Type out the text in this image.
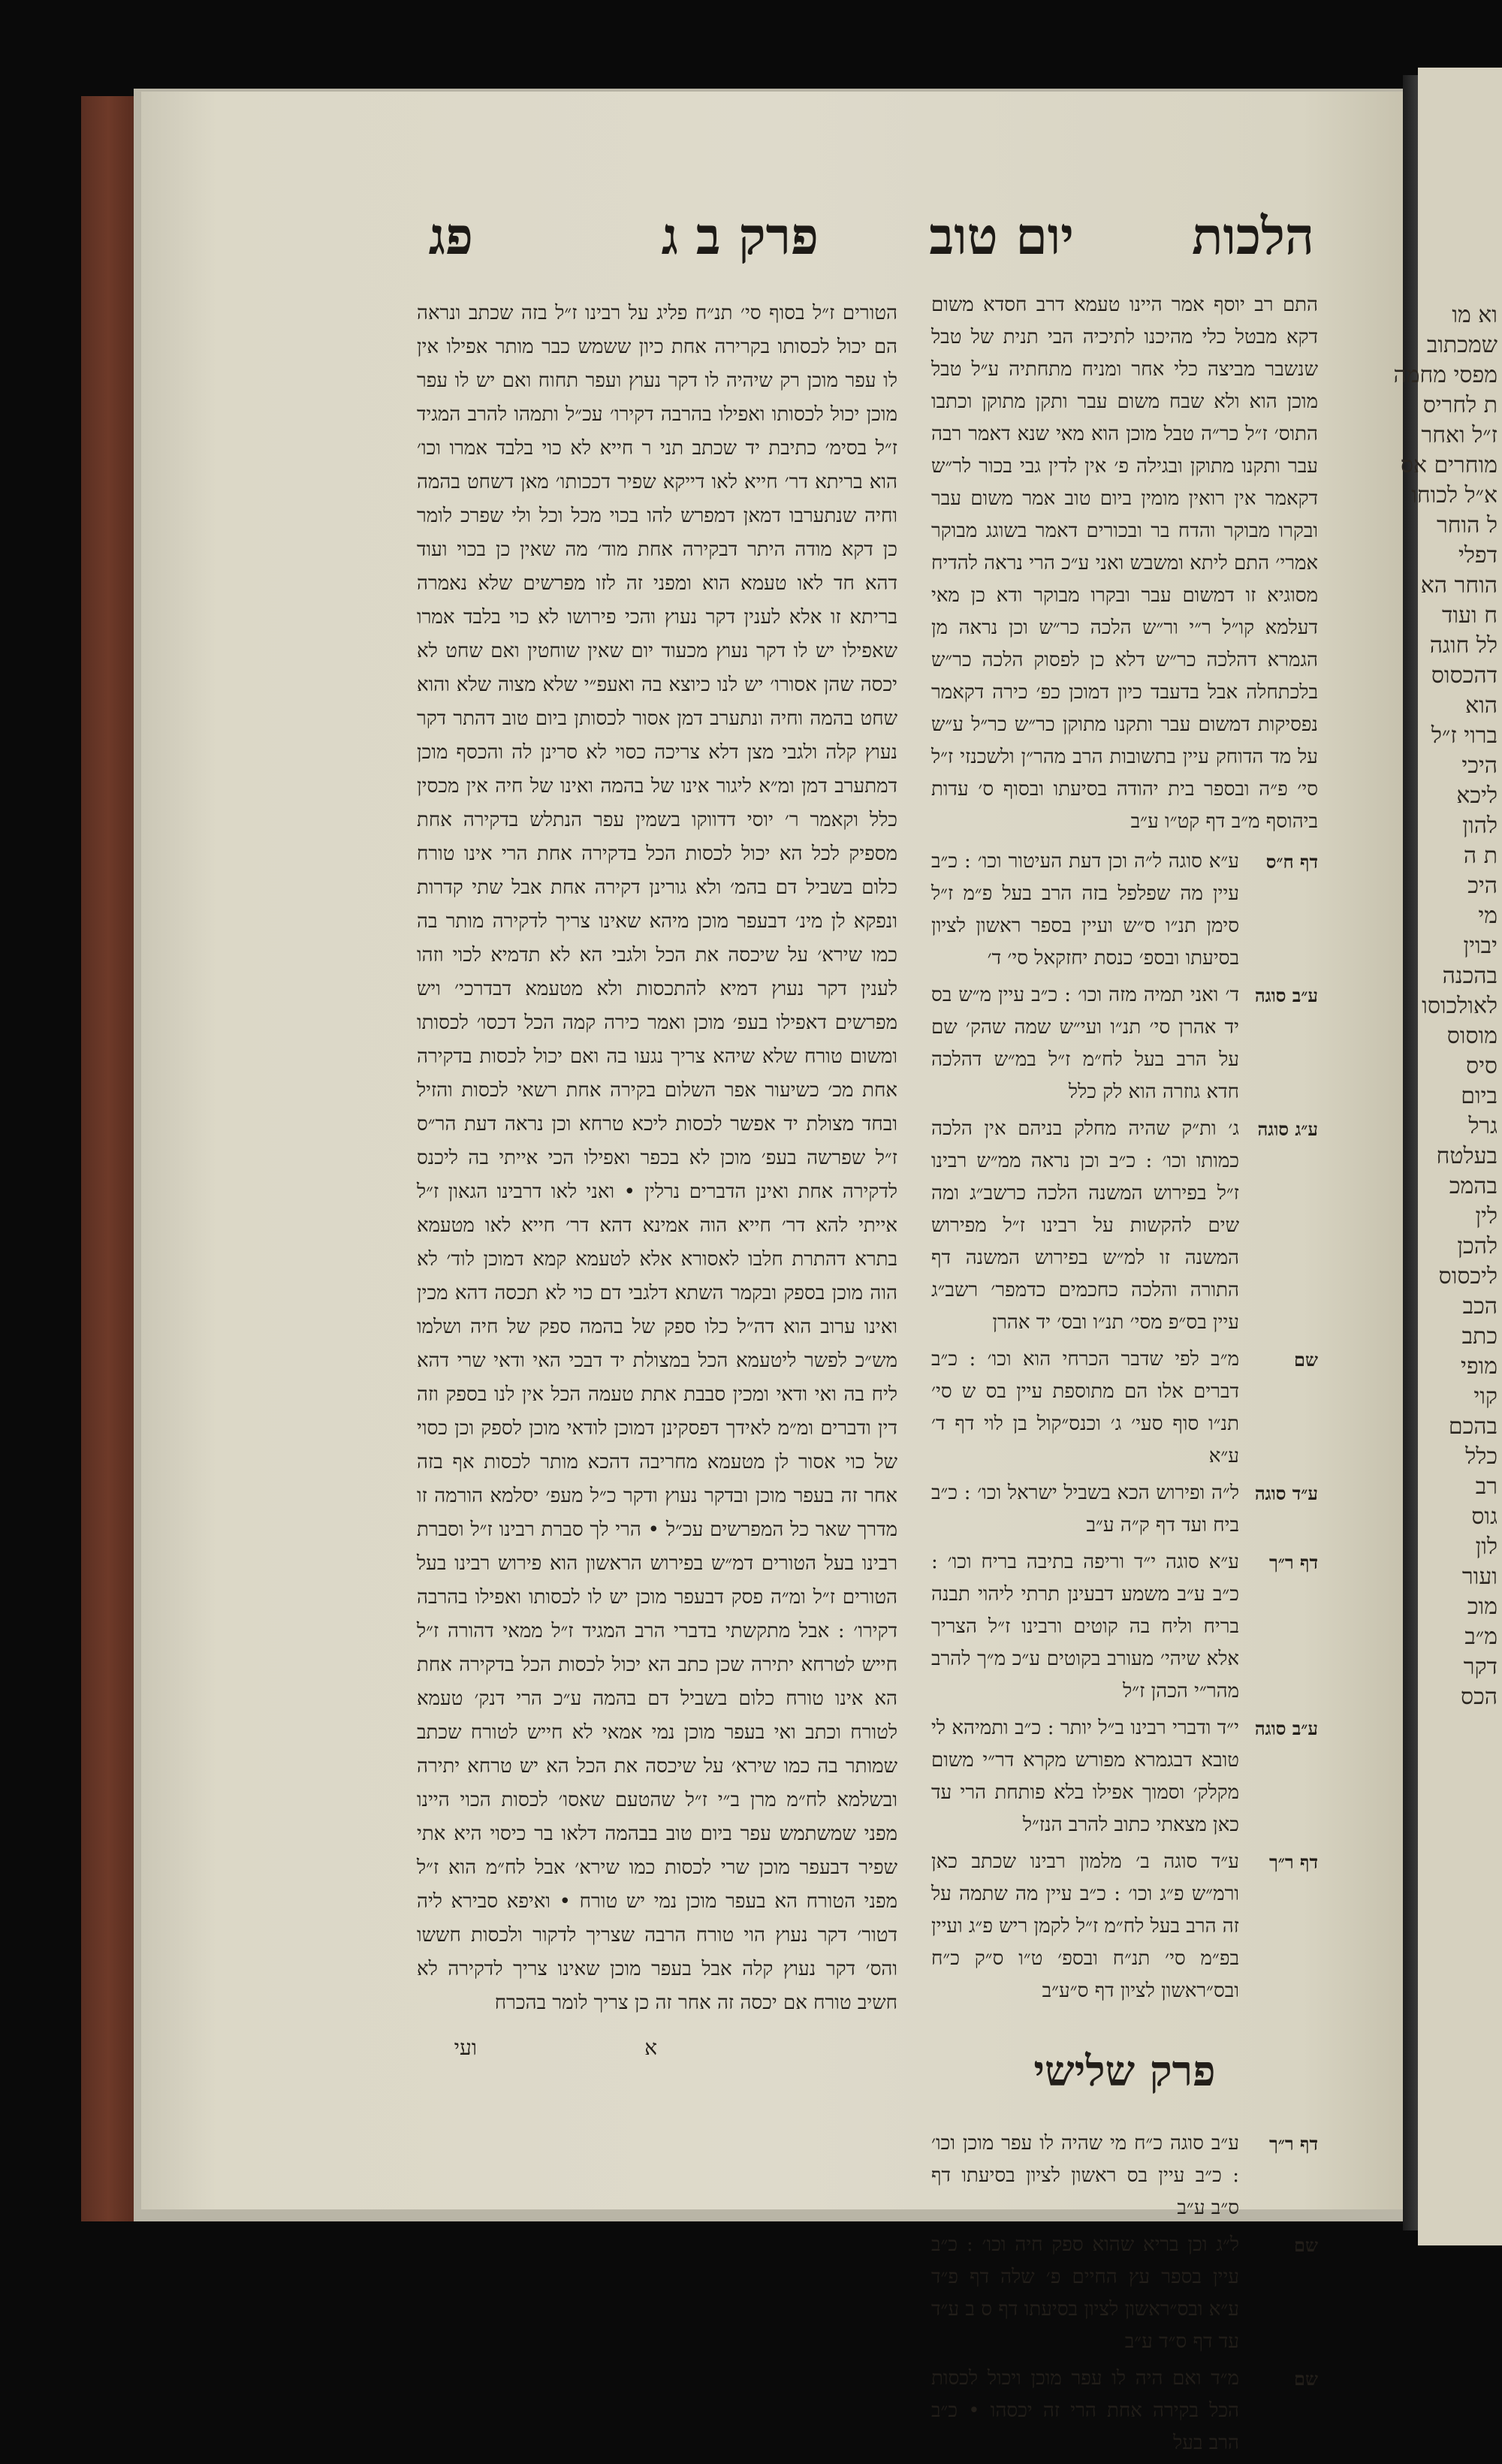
וא מו
שמכתוב
מפסי מחמה
ת לחריס
ז״ל ואחר
מוחרים אס
א״ל לכוחו
ל הוחר
דפלי
הוחר הא
ח ועוד
לל חוגה
דהכסוס
הוא
ברוי ז״ל
היכי
ליכא
להון
ת ה
היכ
מי
יבוין
בהכנה
לאולכוסו
מוסוס
סיס
ביום
גרל
בעלטח
בהמכ
לין
להכן
ליכסוס
הכב
כתב
מופי
קוי
בהכם
כלל
רב
גוס
לון
ועור
מוכ
מ״ב
דקר
הכס
הלכות
יום טוב
פרק ב ג
פג

התם רב יוסף אמר היינו טעמא דרב חסדא משום דקא מבטל כלי מהיכנו לתיכיה הבי תנית של טבל שנשבר מביצה כלי אחר ומניח מתחתיה ע״ל טבל מוכן הוא ולא שבח משום עבר ותקן מתוקן וכתבו התוס׳ ז״ל כר״ה טבל מוכן הוא מאי שנא דאמר רבה עבר ותקנו מתוקן ובגילה פ׳ אין לדין גבי בכור לר״ש דקאמר אין רואין מומין ביום טוב אמר משום עבר ובקרו מבוקר והדח בר ובכורים דאמר בשוגג מבוקר אמרי׳ התם ליתא ומשבש ואני ע״כ הרי נראה להדיח מסוגיא זו דמשום עבר ובקרו מבוקר ודא כן מאי דעלמא קו״ל ר״י ור״ש הלכה כר״ש וכן נראה מן הגמרא דהלכה כר״ש דלא כן לפסוק הלכה כר״ש בלכתחלה אבל בדעבד כיון דמוכן כפ׳ כירה דקאמר נפסיקות דמשום עבר ותקנו מתוקן כר״ש כר״ל ע״ש על מד הדוחק עיין בתשובות הרב מהר״ן ולשכנזי ז״ל סי׳ פ״ה ובספר בית יהודה בסיעתו ובסוף ס׳ עדות ביהוסף מ״ב דף קט״ו ע״ב

דף ח״ס
ע״א סוגה ל״ה וכן דעת העיטור וכו׳ : כ״ב עיין מה שפלפל בזה הרב בעל פ״מ ז״ל סימן תנ״ו ס״ש ועיין בספר ראשון לציון בסיעתו ובספ׳ כנסת יחזקאל סי׳ ד׳
ע״ב סוגה
ד׳ ואני תמיה מזה וכו׳ : כ״ב עיין מ״ש בס יד אהרן סי׳ תנ״ו ועי״ש שמה שהק׳ שם על הרב בעל לח״מ ז״ל במ״ש דהלכה חדא גוזרה הוא לק כלל
ע״ג סוגה
ג׳ ות״ק שהיה מחלק בניהם אין הלכה כמותו וכו׳ : כ״ב וכן נראה ממ״ש רבינו ז״ל בפירוש המשנה הלכה כרשב״ג ומה שים להקשות על רבינו ז״ל מפירוש המשנה זו למ״ש בפירוש המשנה דף התורה והלכה כחכמים כדמפר׳ רשב״ג עיין בס״פ מסי׳ תנ״ו ובס׳ יד אהרן
שם
מ״ב לפי שדבר הכרחי הוא וכו׳ : כ״ב דברים אלו הם מתוספת עיין בס ש סי׳ תנ״ו סוף סעי׳ ג׳ וכנס״קול בן לוי דף ד׳ ע״א
ע״ד סוגה
ל״ה ופירוש הכא בשביל ישראל וכו׳ : כ״ב ביח ועד דף ק״ה ע״ב
דף ר״ך
ע״א סוגה י״ד וריפה בתיבה בריח וכו׳ : כ״ב ע״ב משמע דבעינן תרתי ליהוי תבנה בריח וליח בה קוטים ורבינו ז״ל הצריך אלא שיהי׳ מעורב בקוטים ע״כ מ״ך להרב מהר״י הכהן ז״ל
ע״ב סוגה
י״ד ודברי רבינו ב״ל יותר : כ״ב ותמיהא לי טובא דבגמרא מפורש מקרא דר״י משום מקלק׳ וסמוך אפילו בלא פותחת הרי עד כאן מצאתי כתוב להרב הנז״ל
דף ר״ך
ע״ד סוגה ב׳ מלמון רבינו שכתב כאן ורמ״ש פ״ג וכו׳ : כ״ב עיין מה שתמה על זה הרב בעל לח״מ ז״ל לקמן ריש פ״ג ועיין בפ״מ סי׳ תנ״ח ובספ׳ ט״ו ס״ק כ״ח ובס״ראשון לציון דף ס״ע״ב
פרק שלישי
דף ר״ך
ע״ב סוגה כ״ח מי שהיה לו עפר מוכן וכו׳ : כ״ב עיין בס ראשון לציון בסיעתו דף ס״ב ע״ב
שם
ל״ג וכן בריא שהוא ספק חיה וכו׳ : כ״ב עיין בספר עץ החיים פ׳ שלה דף פ״ד ע״א ובס״ראשון לציון בסיעתו דף ס ב ע״ד עד דף ס״ד ע״ב
שם
מ״ד ואם היה לו עפר מוכן ויכול לכסות הכל בקירה אחת הרי זה יכסהו • כ״ב הרב בעל

הטורים ז״ל בסוף סי׳ תנ״ח פליג על רבינו ז״ל בזה שכתב ונראה הם יכול לכסותו בקרירה אחת כיון ששמש כבר מותר אפילו אין לו עפר מוכן רק שיהיה לו דקר נעוץ ועפר תחוח ואם יש לו עפר מוכן יכול לכסותו ואפילו בהרבה דקירו׳ עכ״ל ותמהו להרב המגיד ז״ל בסימ׳ כתיבת יד שכתב תני ר חייא לא כוי בלבד אמרו וכו׳ הוא בריתא דר׳ חייא לאו דייקא שפיר דככותו׳ מאן דשחט בהמה וחיה שנתערבו דמאן דמפרש להו בכוי מכל וכל ולי שפרכ לומר כן דקא מודה היתר דבקירה אחת מוד׳ מה שאין כן בכוי ועוד דהא חד לאו טעמא הוא ומפני זה לזו מפרשים שלא נאמרה בריתא זו אלא לענין דקר נעוץ והכי פירושו לא כוי בלבד אמרו שאפילו יש לו דקר נעוץ מכעוד יום שאין שוחטין ואם שחט לא יכסה שהן אסורו׳ יש לנו כיוצא בה ואעפ״י שלא מצוה שלא והוא שחט בהמה וחיה ונתערב דמן אסור לכסותן ביום טוב דהתר דקר נעוץ קלה ולגבי מצן דלא צריכה כסוי לא סרינן לה והכסף מוכן דמתערב דמן ומ״א ליגור אינו של בהמה ואינו של חיה אין מכסין כלל וקאמר ר׳ יוסי דדווקו בשמין עפר הנתלש בדקירה אחת מספיק לכל הא יכול לכסות הכל בדקירה אחת הרי אינו טורח כלום בשביל דם בהמ׳ ולא גורינן דקירה אחת אבל שתי קדרות ונפקא לן מינ׳ דבעפר מוכן מיהא שאינו צריך לדקירה מותר בה כמו שירא׳ על שיכסה את הכל ולגבי הא לא תדמיא לכוי וזהו לענין דקר נעוץ דמיא להתכסות ולא מטעמא דבדרכי׳ ויש מפרשים דאפילו בעפ׳ מוכן ואמר כירה קמה הכל דכסו׳ לכסותו ומשום טורח שלא שיהא צריך נגעו בה ואם יכול לכסות בדקירה אחת מכ׳ כשיעור אפר השלום בקירה אחת רשאי לכסות והזיל ובחד מצולת יד אפשר לכסות ליכא טרחא וכן נראה דעת הר״ס ז״ל שפרשה בעפ׳ מוכן לא בכפר ואפילו הכי אייתי בה ליכנס לדקירה אחת ואינן הדברים נרלין • ואני לאו דרבינו הגאון ז״ל אייתי להא דר׳ חייא הוה אמינא דהא דר׳ חייא לאו מטעמא בתרא דהתרת חלבו לאסורא אלא לטעמא קמא דמוכן לוד׳ לא הוה מוכן בספק ובקמר השתא דלגבי דם כוי לא תכסה דהא מכין ואינו ערוב הוא דה״ל כלו ספק של בהמה ספק של חיה ושלמו מש״כ לפשר ליטעמא הכל במצולת יד דבכי האי ודאי שרי דהא ליח בה ואי ודאי ומכין סבבת אתת טעמה הכל אין לנו בספק וזה דין ודברים ומ״מ לאידך דפסקינן דמוכן לודאי מוכן לספק וכן כסוי של כוי אסור לן מטעמא מחריבה דהכא מותר לכסות אף בזה אחר זה בעפר מוכן ובדקר נעוץ ודקר כ״ל מעפ׳ יסלמא הורמה זו מדרך שאר כל המפרשים עכ״ל • הרי לך סברת רבינו ז״ל וסברת רבינו בעל הטורים דמ״ש בפירוש הראשון הוא פירוש רבינו בעל הטורים ז״ל ומ״ה פסק דבעפר מוכן יש לו לכסותו ואפילו בהרבה דקירו׳ : אבל מתקשתי בדברי הרב המגיד ז״ל ממאי דהורה ז״ל חייש לטרחא יתירה שכן כתב הא יכול לכסות הכל בדקירה אחת הא אינו טורח כלום בשביל דם בהמה ע״כ הרי דנק׳ טעמא לטורח וכתב ואי בעפר מוכן נמי אמאי לא חייש לטורח שכתב שמותר בה כמו שירא׳ על שיכסה את הכל הא יש טרחא יתירה ובשלמא לח״מ מרן ב״י ז״ל שהטעם שאסו׳ לכסות הכוי היינו מפני שמשתמש עפר ביום טוב בבהמה דלאו בר כיסוי היא אתי שפיר דבעפר מוכן שרי לכסות כמו שירא׳ אבל לח״מ הוא ז״ל מפני הטורח הא בעפר מוכן נמי יש טורח • ואיפא סבירא ליה דטור׳ דקר נעוץ הוי טורח הרבה שצריך לדקור ולכסות חששו והס׳ דקר נעוץ קלה אבל בעפר מוכן שאינו צריך לדקירה לא חשיב טורח אם יכסה זה אחר זה כן צריך לומר בהכרח

א
ועי
